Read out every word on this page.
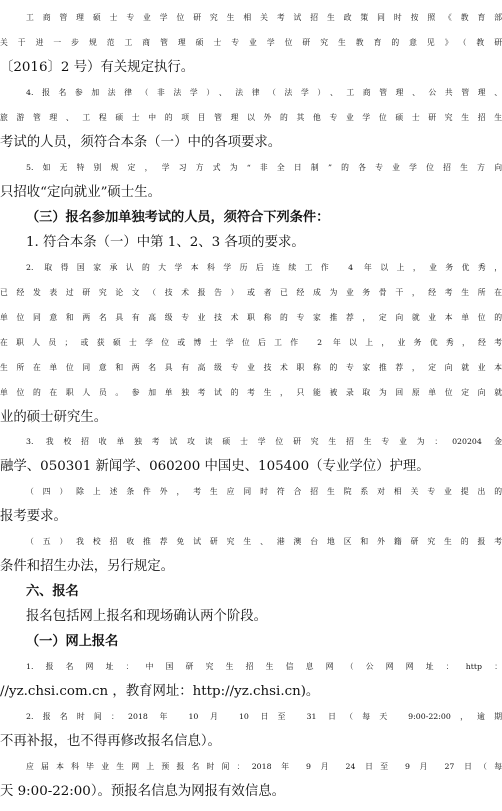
工商管理硕士专业学位研究生相关考试招生政策同时按照《教育部
关于进一步规范工商管理硕士专业学位研究生教育的意见》（教研
〔2016〕2 号）有关规定执行。
4.报名参加法律（非法学）、法律（法学）、工商管理、公共管理、
旅游管理、工程硕士中的项目管理以外的其他专业学位硕士研究生招生
考试的人员，须符合本条（一）中的各项要求。
5.如无特别规定，学习方式为“非全日制”的各专业学位招生方向
只招收“定向就业”硕士生。
（三）报名参加单独考试的人员，须符合下列条件：
1. 符合本条（一）中第 1、2、3 各项的要求。
2. 取得国家承认的大学本科学历后连续工作 4 年以上，业务优秀，
已经发表过研究论文（技术报告）或者已经成为业务骨干，经考生所在
单位同意和两名具有高级专业技术职称的专家推荐，定向就业本单位的
在职人员；或获硕士学位或博士学位后工作 2 年以上，业务优秀，经考
生所在单位同意和两名具有高级专业技术职称的专家推荐，定向就业本
单位的在职人员。参加单独考试的考生，只能被录取为回原单位定向就
业的硕士研究生。
3. 我校招收单独考试攻读硕士学位研究生招生专业为：020204 金
融学、050301 新闻学、060200 中国史、105400（专业学位）护理。
（四）除上述条件外，考生应同时符合招生院系对相关专业提出的
报考要求。
（五）我校招收推荐免试研究生、港澳台地区和外籍研究生的报考
条件和招生办法，另行规定。
六、报名
报名包括网上报名和现场确认两个阶段。
（一）网上报名
1.报名网址：中国研究生招生信息网（公网网址：http：
//yz.chsi.com.cn ，教育网址：http://yz.chsi.cn)。
2.报名时间：2018 年 10 月 10 日至 31 日（每天 9:00-22:00，逾期
不再补报，也不得再修改报名信息）。
应届本科毕业生网上预报名时间：2018 年 9 月 24 日至 9 月 27 日（每
天 9:00-22:00）。预报名信息为网报有效信息。
